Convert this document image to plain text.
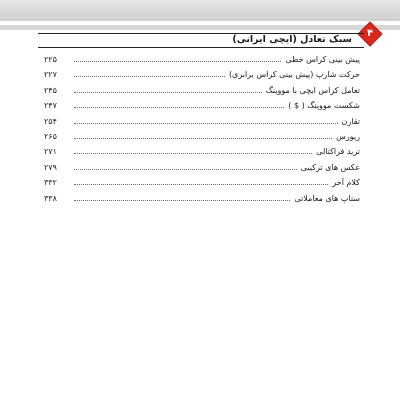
۴
سبک تعادل (ایچی ایرانی)
۲۲۵	پیش بینی کراس خطی
۲۲۷	حرکت شارپ (پیش بینی کراس برابری)
۲۴۵	تعامل کراس ایچی با مووینگ
۲۴۷	شکست مووینگ ( $ )
۲۵۴	تقارن
۲۶۵	ریورس
۲۷۱	ترید فراکتالی
۲۷۹	عکس های ترکیبی
۳۳۲	کلام آخر
۳۳۸	ستاپ های معاملاتی
